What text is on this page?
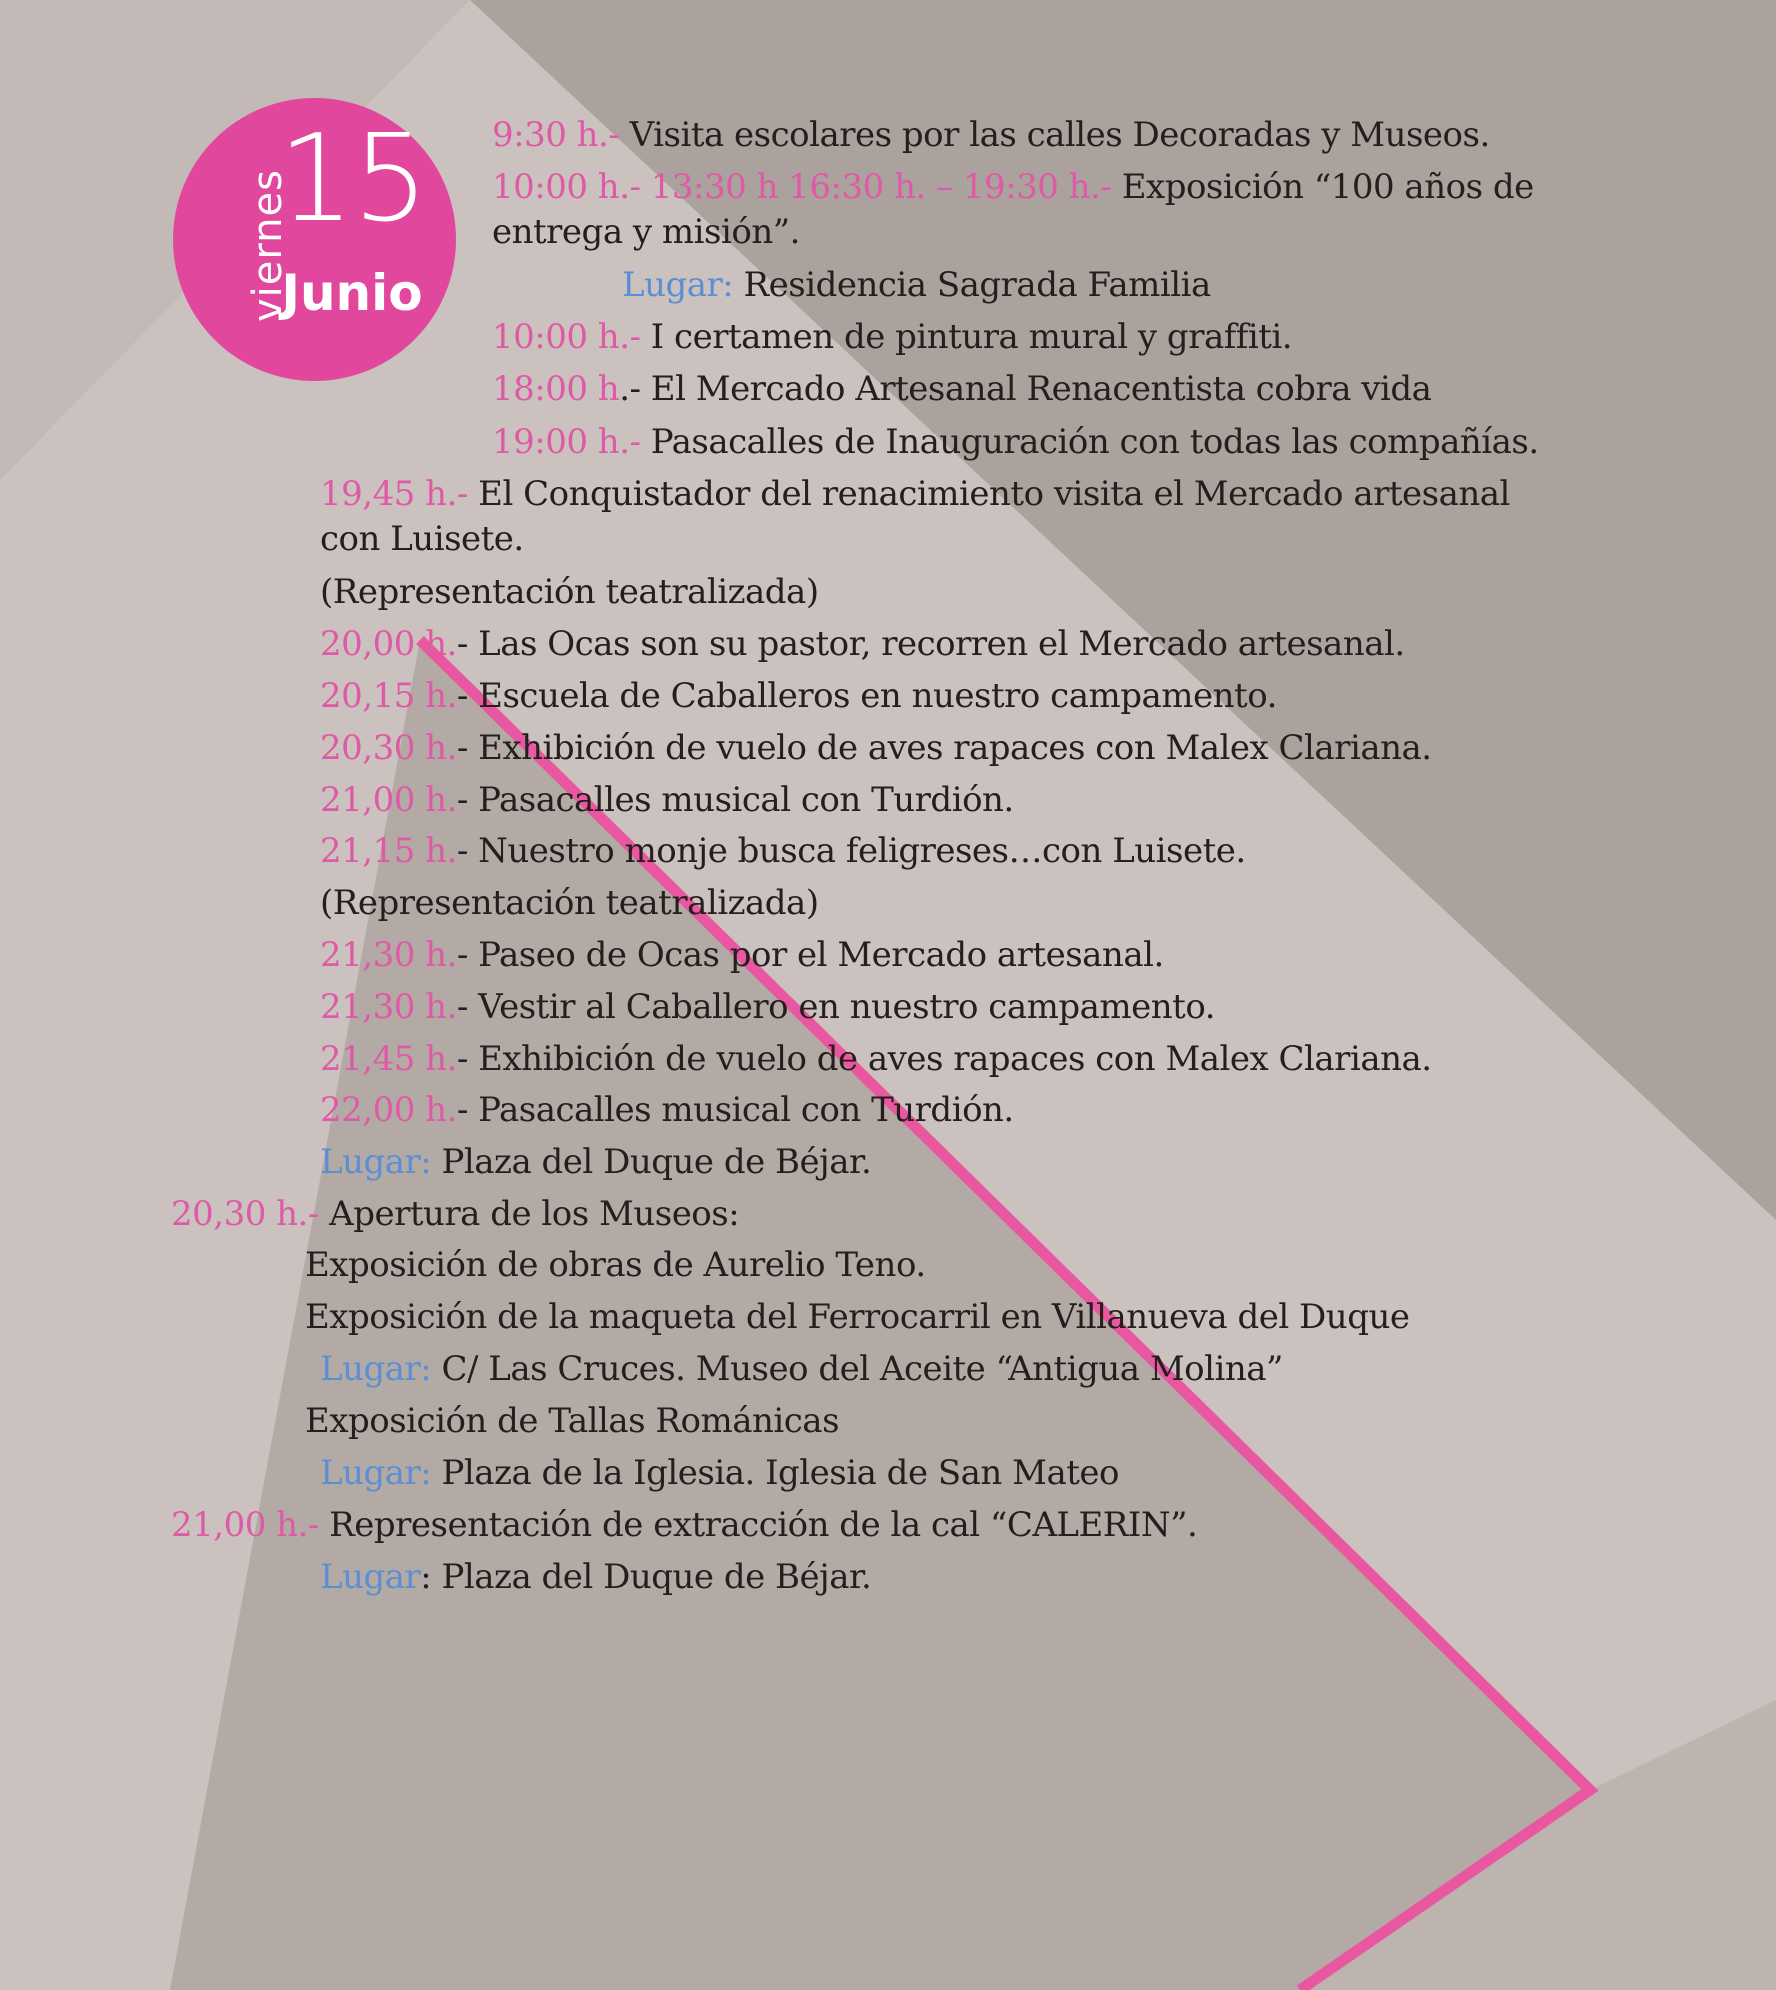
viernes
15
Junio
9:30 h.- Visita escolares por las calles Decoradas y Museos.
10:00 h.- 13:30 h 16:30 h. – 19:30 h.- Exposición “100 años de
entrega y misión”.
Lugar: Residencia Sagrada Familia
10:00 h.- I certamen de pintura mural y graffiti.
18:00 h.- El Mercado Artesanal Renacentista cobra vida
19:00 h.- Pasacalles de Inauguración con todas las compañías.
19,45 h.- El Conquistador del renacimiento visita el Mercado artesanal
con Luisete.
(Representación teatralizada)
20,00 h.- Las Ocas son su pastor, recorren el Mercado artesanal.
20,15 h.- Escuela de Caballeros en nuestro campamento.
20,30 h.- Exhibición de vuelo de aves rapaces con Malex Clariana.
21,00 h.- Pasacalles musical con Turdión.
21,15 h.- Nuestro monje busca feligreses…con Luisete.
(Representación teatralizada)
21,30 h.- Paseo de Ocas por el Mercado artesanal.
21,30 h.- Vestir al Caballero en nuestro campamento.
21,45 h.- Exhibición de vuelo de aves rapaces con Malex Clariana.
22,00 h.- Pasacalles musical con Turdión.
Lugar: Plaza del Duque de Béjar.
20,30 h.- Apertura de los Museos:
Exposición de obras de Aurelio Teno.
Exposición de la maqueta del Ferrocarril en Villanueva del Duque
Lugar: C/ Las Cruces. Museo del Aceite “Antigua Molina”
Exposición de Tallas Románicas
Lugar: Plaza de la Iglesia. Iglesia de San Mateo
21,00 h.- Representación de extracción de la cal “CALERIN”.
Lugar: Plaza del Duque de Béjar.
